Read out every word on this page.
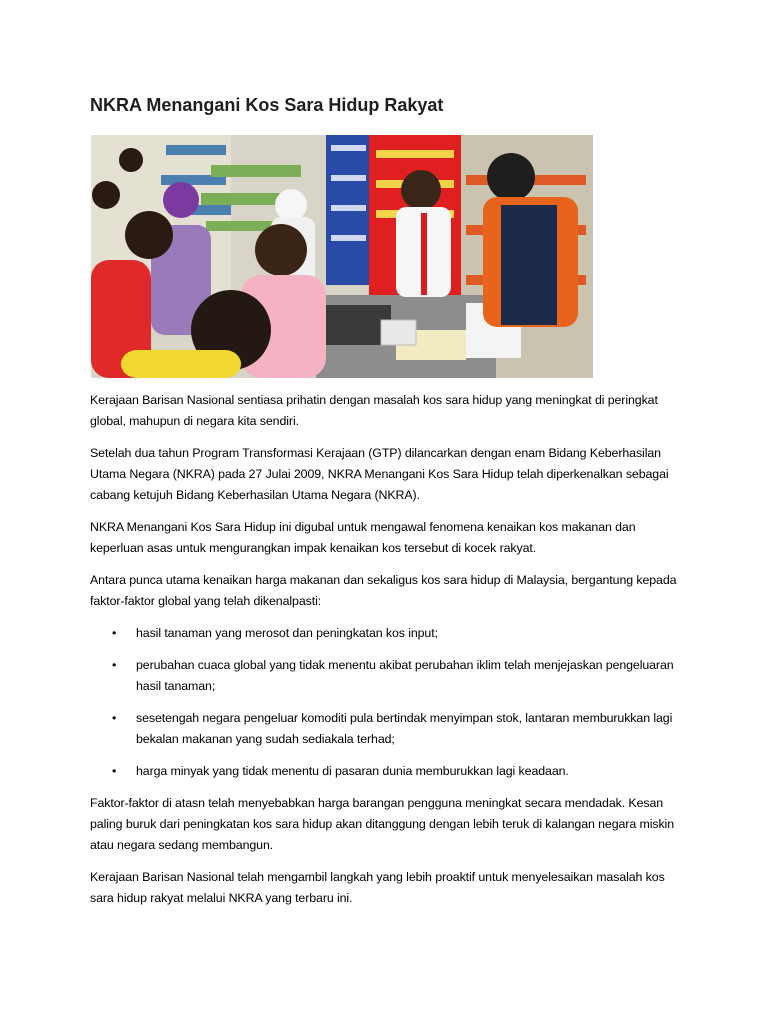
NKRA Menangani Kos Sara Hidup Rakyat

Kerajaan Barisan Nasional sentiasa prihatin dengan masalah kos sara hidup yang meningkat di peringkat global, mahupun di negara kita sendiri.

Setelah dua tahun Program Transformasi Kerajaan (GTP) dilancarkan dengan enam Bidang Keberhasilan Utama Negara (NKRA) pada 27 Julai 2009, NKRA Menangani Kos Sara Hidup telah diperkenalkan sebagai cabang ketujuh Bidang Keberhasilan Utama Negara (NKRA).

NKRA Menangani Kos Sara Hidup ini digubal untuk mengawal fenomena kenaikan kos makanan dan keperluan asas untuk mengurangkan impak kenaikan kos tersebut di kocek rakyat.

Antara punca utama kenaikan harga makanan dan sekaligus kos sara hidup di Malaysia, bergantung kepada faktor-faktor global yang telah dikenalpasti:

• hasil tanaman yang merosot dan peningkatan kos input;
• perubahan cuaca global yang tidak menentu akibat perubahan iklim telah menjejaskan pengeluaran hasil tanaman;
• sesetengah negara pengeluar komoditi pula bertindak menyimpan stok, lantaran memburukkan lagi bekalan makanan yang sudah sediakala terhad;
• harga minyak yang tidak menentu di pasaran dunia memburukkan lagi keadaan.

Faktor-faktor di atasn telah menyebabkan harga barangan pengguna meningkat secara mendadak. Kesan paling buruk dari peningkatan kos sara hidup akan ditanggung dengan lebih teruk di kalangan negara miskin atau negara sedang membangun.

Kerajaan Barisan Nasional telah mengambil langkah yang lebih proaktif untuk menyelesaikan masalah kos sara hidup rakyat melalui NKRA yang terbaru ini.
